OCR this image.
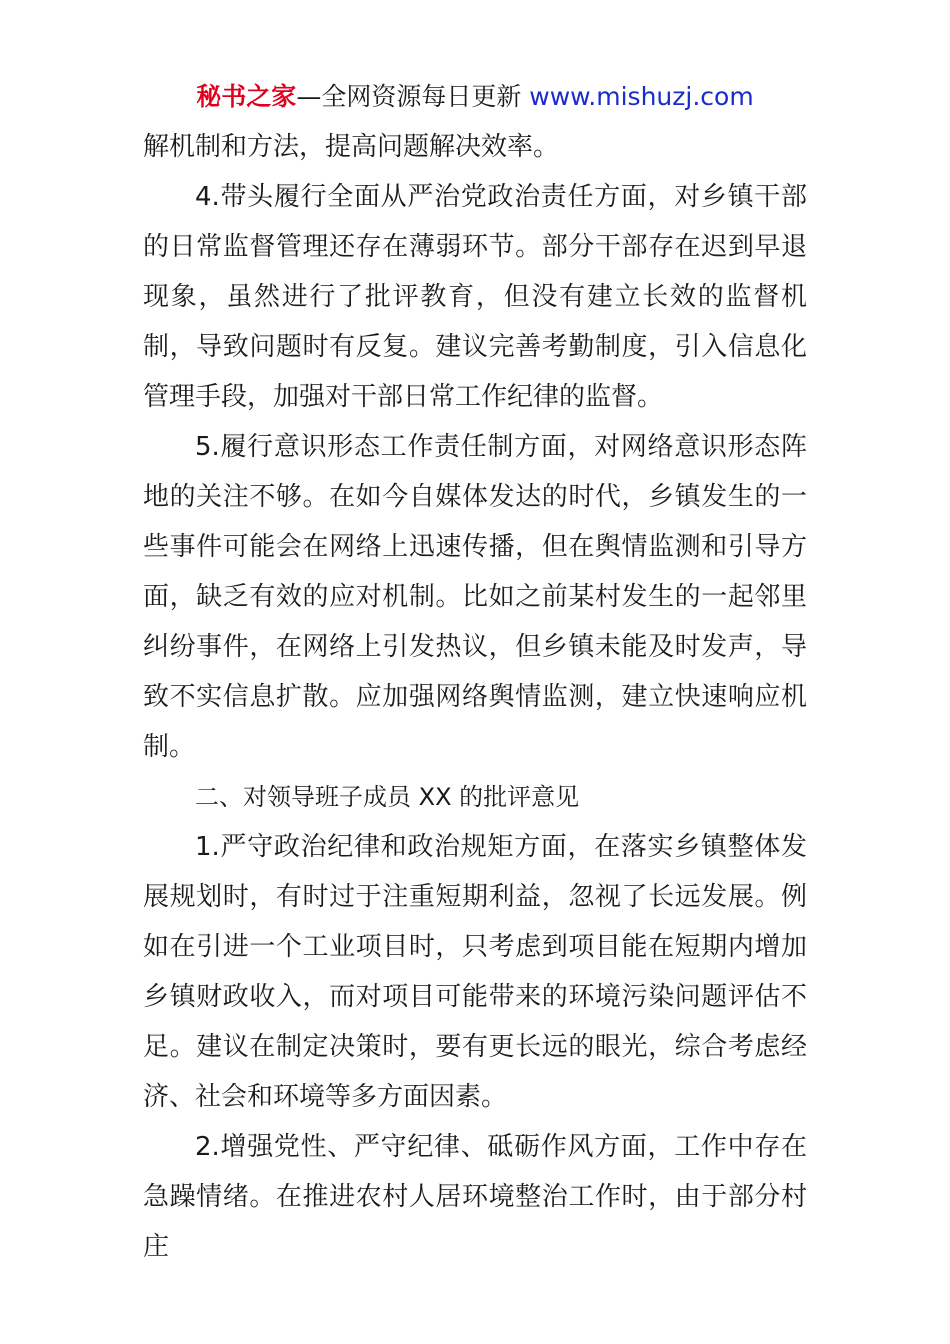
秘书之家—全网资源每日更新 www.mishuzj.com

解机制和方法，提高问题解决效率。

4.带头履行全面从严治党政治责任方面，对乡镇干部的日常监督管理还存在薄弱环节。部分干部存在迟到早退现象，虽然进行了批评教育，但没有建立长效的监督机制，导致问题时有反复。建议完善考勤制度，引入信息化管理手段，加强对干部日常工作纪律的监督。

5.履行意识形态工作责任制方面，对网络意识形态阵地的关注不够。在如今自媒体发达的时代，乡镇发生的一些事件可能会在网络上迅速传播，但在舆情监测和引导方面，缺乏有效的应对机制。比如之前某村发生的一起邻里纠纷事件，在网络上引发热议，但乡镇未能及时发声，导致不实信息扩散。应加强网络舆情监测，建立快速响应机制。

二、对领导班子成员 XX 的批评意见

1.严守政治纪律和政治规矩方面，在落实乡镇整体发展规划时，有时过于注重短期利益，忽视了长远发展。例如在引进一个工业项目时，只考虑到项目能在短期内增加乡镇财政收入，而对项目可能带来的环境污染问题评估不足。建议在制定决策时，要有更长远的眼光，综合考虑经济、社会和环境等多方面因素。

2.增强党性、严守纪律、砥砺作风方面，工作中存在急躁情绪。在推进农村人居环境整治工作时，由于部分村庄
